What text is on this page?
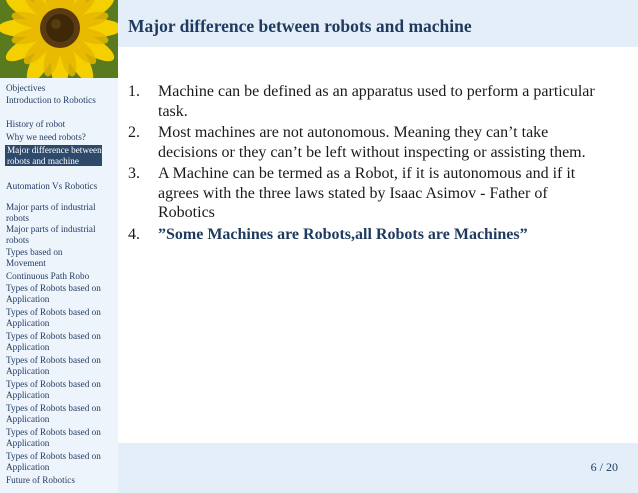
Major difference between robots and machine
Objectives
Introduction to Robotics
History of robot
Why we need robots?
Major difference between robots and machine
Automation Vs Robotics
Major parts of industrial robots
Major parts of industrial robots
Types based on Movement
Continuous Path Robo
Types of Robots based on Application
Types of Robots based on Application
Types of Robots based on Application
Types of Robots based on Application
Types of Robots based on Application
Types of Robots based on Application
Types of Robots based on Application
Types of Robots based on Application
Future of Robotics
1. Machine can be defined as an apparatus used to perform a particular task.
2. Most machines are not autonomous. Meaning they can’t take decisions or they can’t be left without inspecting or assisting them.
3. A Machine can be termed as a Robot, if it is autonomous and if it agrees with the three laws stated by Isaac Asimov - Father of Robotics
4. ”Some Machines are Robots,all Robots are Machines”
6 / 20
